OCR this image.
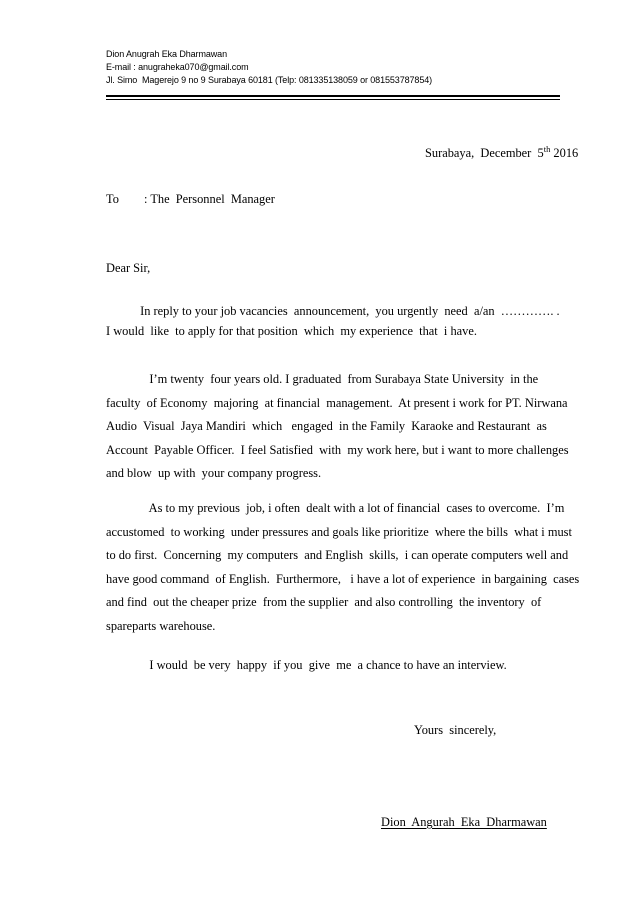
Dion Anugrah Eka Dharmawan
E-mail : anugraheka070@gmail.com
Jl. Simo  Magerejo 9 no 9 Surabaya 60181 (Telp: 081335138059 or 081553787854)
Surabaya,  December  5th 2016
To : The  Personnel  Manager
Dear Sir,
In reply to your job vacancies  announcement,  you urgently  need  a/an  …………. .
I would  like  to apply for that position  which  my experience  that  i have.
I’m twenty  four years old. I graduated  from Surabaya State University  in the
faculty  of Economy  majoring  at financial  management.  At present i work for PT. Nirwana
Audio  Visual  Jaya Mandiri  which   engaged  in the Family  Karaoke and Restaurant  as
Account  Payable Officer.  I feel Satisfied  with  my work here, but i want to more challenges
and blow  up with  your company progress.
As to my previous  job, i often  dealt with a lot of financial  cases to overcome.  I’m
accustomed  to working  under pressures and goals like prioritize  where the bills  what i must
to do first.  Concerning  my computers  and English  skills,  i can operate computers well and
have good command  of English.  Furthermore,   i have a lot of experience  in bargaining  cases
and find  out the cheaper prize  from the supplier  and also controlling  the inventory  of
spareparts warehouse.
I would  be very  happy  if you  give  me  a chance to have an interview.
Yours  sincerely,
Dion  Angurah  Eka  Dharmawan
